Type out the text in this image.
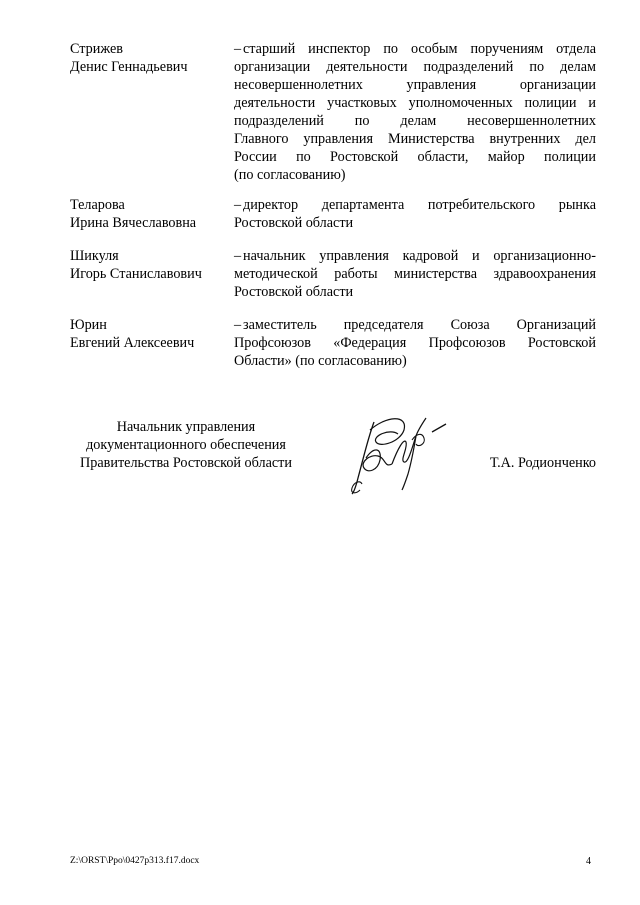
Стрижев
Денис Геннадьевич
– старший инспектор по особым поручениям отдела
организации деятельности подразделений по делам
несовершеннолетних управления организации
деятельности участковых уполномоченных полиции и
подразделений по делам несовершеннолетних
Главного управления Министерства внутренних дел
России по Ростовской области, майор полиции
(по согласованию)
Теларова
Ирина Вячеславовна
– директор департамента потребительского рынка
Ростовской области
Шикуля
Игорь Станиславович
– начальник управления кадровой и организационно-
методической работы министерства здравоохранения
Ростовской области
Юрин
Евгений Алексеевич
– заместитель председателя Союза Организаций
Профсоюзов «Федерация Профсоюзов Ростовской
Области» (по согласованию)
Начальник управления
документационного обеспечения
Правительства Ростовской области	Т.А. Родионченко
Z:\ORST\Ppo\0427p313.f17.docx	4
